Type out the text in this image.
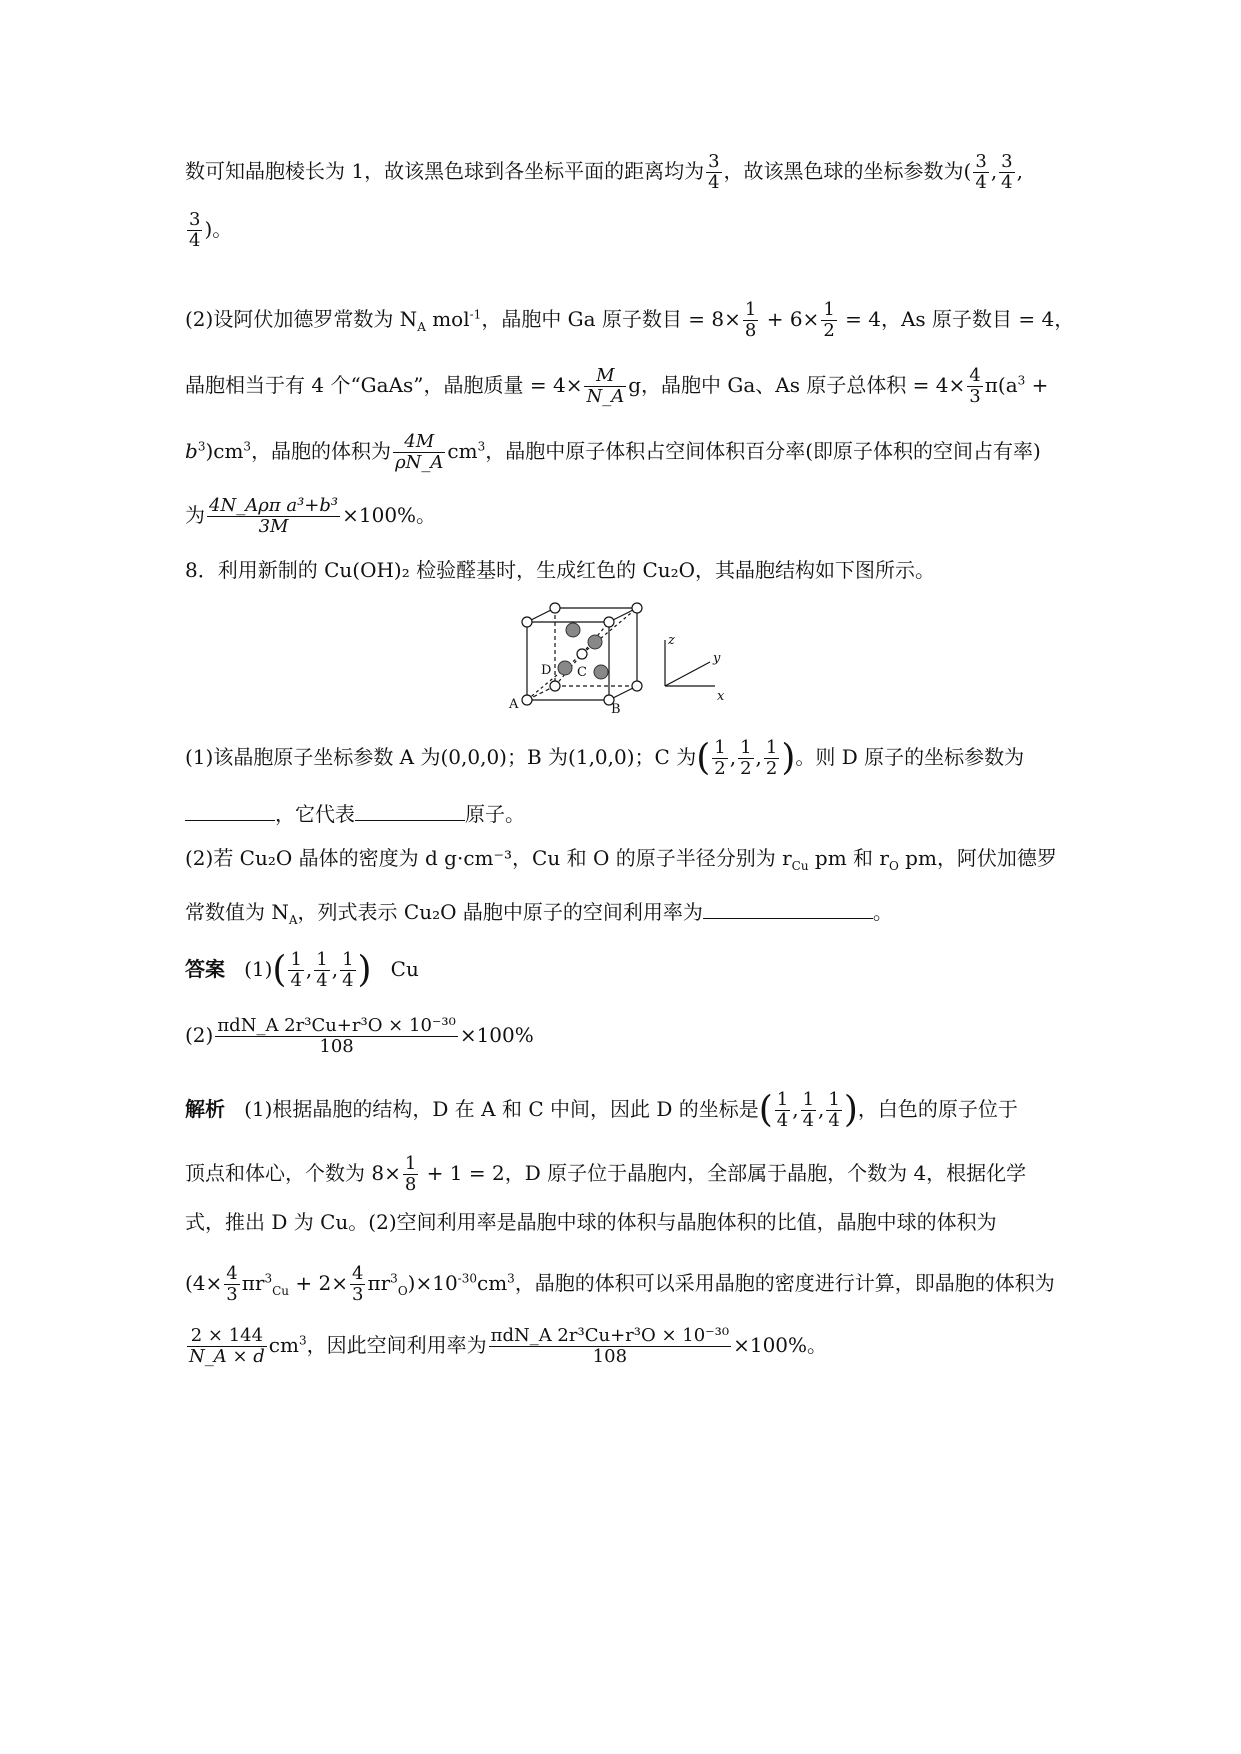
数可知晶胞棱长为 1，故该黑色球到各坐标平面的距离均为 $\frac{3}{4}$ ，故该黑色球的坐标参数为( $\frac{3}{4}$ , $\frac{3}{4}$ ,
$\frac{3}{4}$ )。
(2)设阿伏加德罗常数为 $N_A$ mol$^{-1}$，晶胞中 Ga 原子数目 = $8\times \frac{1}{8} + 6\times \frac{1}{2} = 4$，As 原子数目 = 4，
晶胞相当于有 4 个“GaAs”，晶胞质量 = $4\times \frac{M}{N\_A}$ g，晶胞中 Ga、As 原子总体积 = $4\times \frac{4}{3} \pi(a^3$ +
$b^3)cm^3$，晶胞的体积为 $\frac{4M}{\rho N\_A} cm^3$，晶胞中原子体积占空间体积百分率(即原子体积的空间占有率)
为 $\frac{\text{4N\_Aρπ a³+b³}}{3M} \times 100\%$。
8．利用新制的 Cu(OH)₂ 检验醛基时，生成红色的 Cu₂O，其晶胞结构如下图所示。
A	B
C
D
z
y
x
(1)该晶胞原子坐标参数 A 为(0,0,0)；B 为(1,0,0)；C 为( $\frac{1}{2}$ , $\frac{1}{2}$ , $\frac{1}{2}$ )。则 D 原子的坐标参数为
，它代表	原子。
(2)若 Cu₂O 晶体的密度为 d g·cm⁻³，Cu 和 O 的原子半径分别为 $r_{Cu}$ pm 和 $r_O$ pm，阿伏加德罗
常数值为 $N_A$，列式表示 Cu₂O 晶胞中原子的空间利用率为	。
答案 $(1)( \frac{1}{4}$ , $\frac{1}{4}$ , $\frac{1}{4}$ ) Cu
$(2) \frac{\text{πdN\_A 2r³Cu+r³O × 10⁻³⁰}}{108} \times 100\%$
解析 (1)根据晶胞的结构，D 在 A 和 C 中间，因此 D 的坐标是( $\frac{1}{4}$ , $\frac{1}{4}$ , $\frac{1}{4}$ )，白色的原子位于
顶点和体心，个数为 $8\times \frac{1}{8} + 1 = 2$，D 原子位于晶胞内，全部属于晶胞，个数为 4，根据化学
式，推出 D 为 Cu。(2)空间利用率是晶胞中球的体积与晶胞体积的比值，晶胞中球的体积为
$(4\times \frac{4}{3} \pi r^3_{Cu} + 2\times \frac{4}{3} \pi r^3_O)\times 10^{-30}cm^3$，晶胞的体积可以采用晶胞的密度进行计算，即晶胞的体积为
$\frac{2 \times 144}{N\_A \times d} cm^3$，因此空间利用率为 $\frac{\text{πdN\_A 2r³Cu+r³O × 10⁻³⁰}}{108} \times 100\%$。
